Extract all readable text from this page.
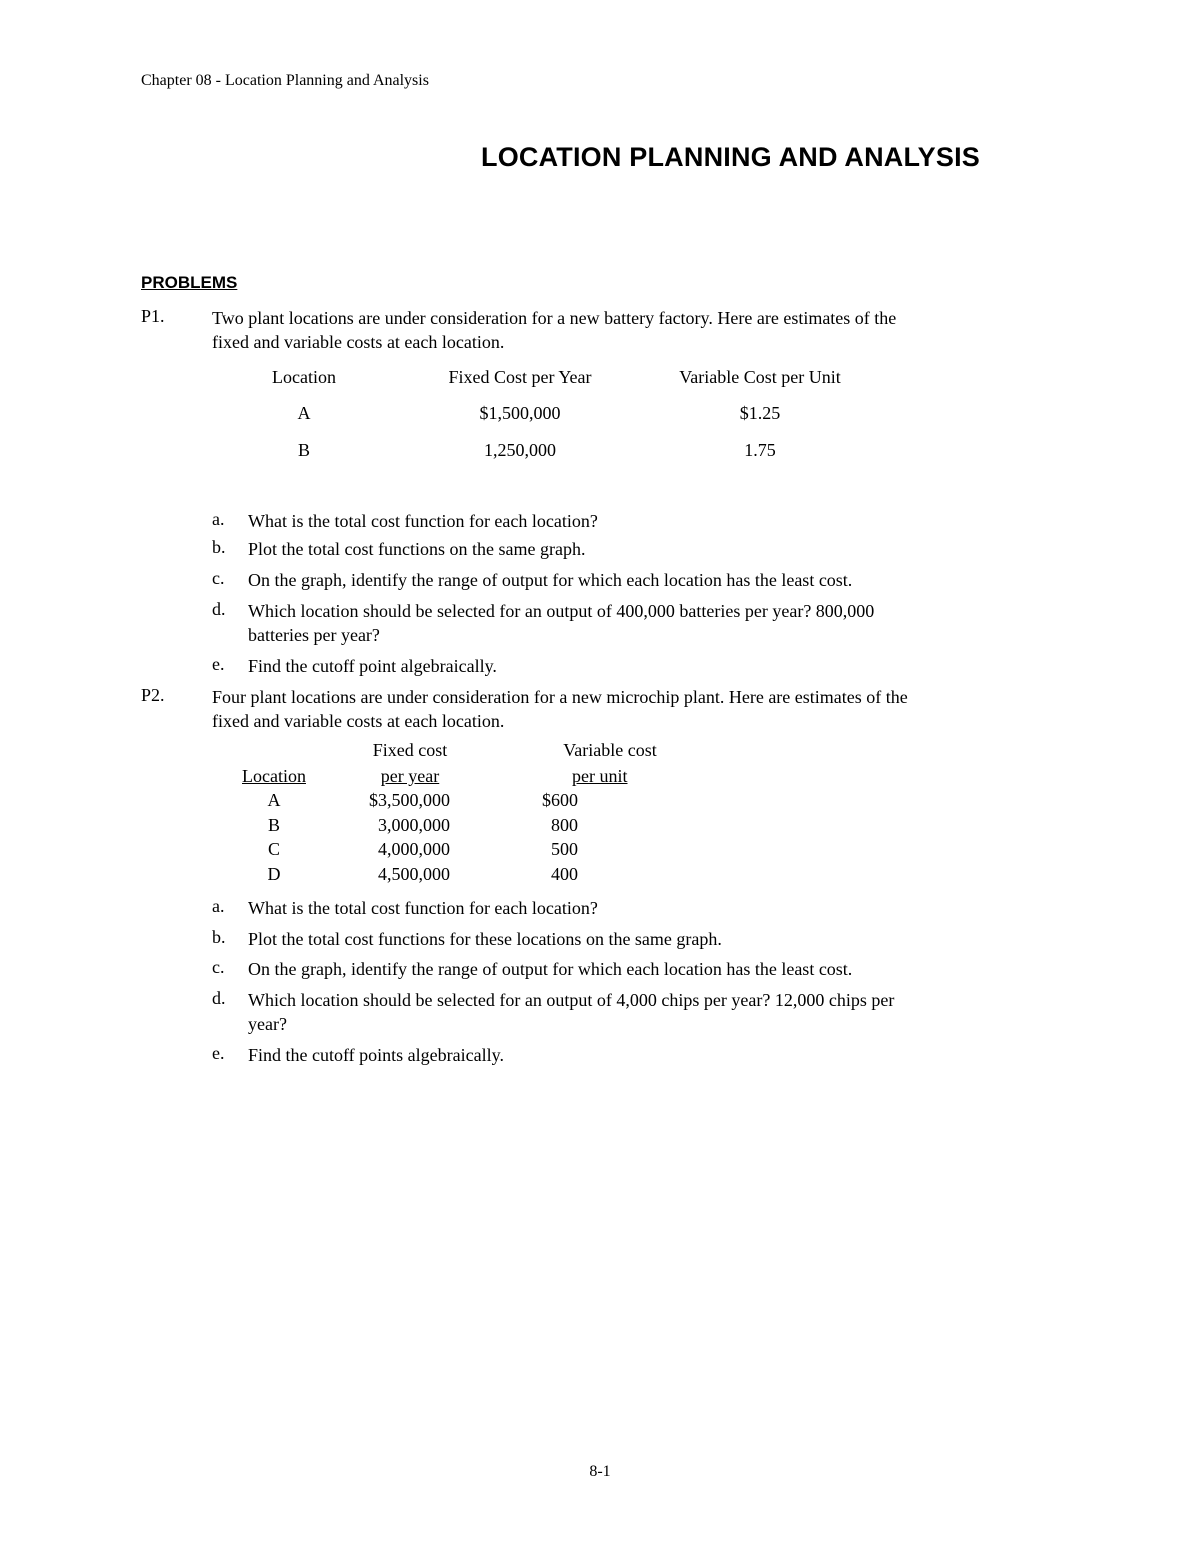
Chapter 08 - Location Planning and Analysis
LOCATION PLANNING AND ANALYSIS
PROBLEMS
P1.	Two plant locations are under consideration for a new battery factory. Here are estimates of the
fixed and variable costs at each location.
Location	Fixed Cost per Year	Variable Cost per Unit
A	$1,500,000	$1.25
B	1,250,000	1.75
a. What is the total cost function for each location?
b. Plot the total cost functions on the same graph.
c. On the graph, identify the range of output for which each location has the least cost.
d. Which location should be selected for an output of 400,000 batteries per year? 800,000
batteries per year?
e. Find the cutoff point algebraically.
P2.	Four plant locations are under consideration for a new microchip plant. Here are estimates of the
fixed and variable costs at each location.
Fixed cost	Variable cost
Location	per year	per unit
A	$3,500,000	$600
B	3,000,000	800
C	4,000,000	500
D	4,500,000	400
a. What is the total cost function for each location?
b. Plot the total cost functions for these locations on the same graph.
c. On the graph, identify the range of output for which each location has the least cost.
d. Which location should be selected for an output of 4,000 chips per year? 12,000 chips per
year?
e. Find the cutoff points algebraically.
8-1
